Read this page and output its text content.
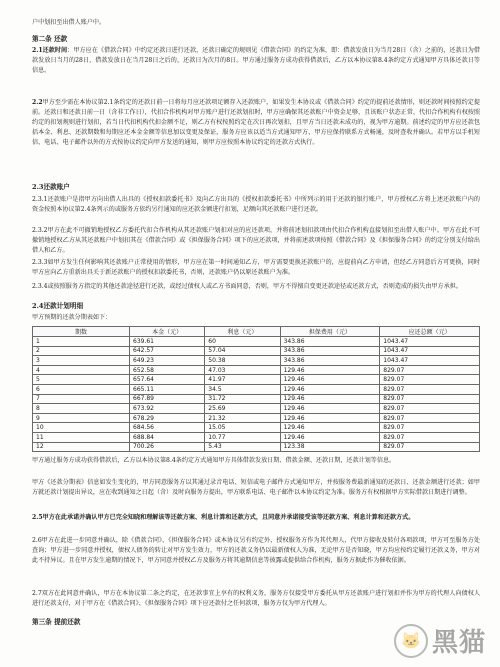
户中划扣至出借人账户中。
第二条 还款
2.1还款时间：甲方应在《借款合同》中约定还款日进行还款，还款日确定的规则见《借款合同》的约定为准，即：借款发放日为当月28日（含）之前的，还款日为借款发放日当月的28日，借款发放日在当月28日之后的，还款日为次月的8日。甲方通过服务方成功获得借款后，乙方以本协议第8.4条约定方式通知甲方具体还款日等信息。
2.2甲方至少需在本协议第2.1条约定的还款日前一日将每月应还款项足额存入还款账户，如果发生本协议或《借款合同》约定的提前还款情形，则还款时间按照约定提前。还款日和还款日前一日（含非工作日），代扣合作机构对甲方账户进行还款划扣时，甲方应确保其还款账户中资金足够，且该账户状态正常，代扣合作机构有权按照约定的扣划规则进行划扣，若当日代扣机构代扣金额不足，则乙方有权按照约定在次日再次划扣，且甲方当日还款未成功的，视为甲方逾期。前述约定的甲方应还款包括本金、利息、还款期数和每期应还本金金额等信息加以变更及保证，服务方应该以适当方式通知甲方，甲方应保持联系方式畅通，及时查收并确认。若甲方以手机短信、电话、电子邮件以外的方式按协议约定向甲方发送的通知，则甲方应按照本协议约定的还款方式执行。
2.3还款账户
2.3.1还款账户是指甲方向出借人出具的《授权扣款委托书》及向乙方出具的《授权扣款委托书》中所列示的用于还款的银行账户，甲方授权乙方将上述还款账户内的资金按照本协议第2.4条列示的或服务方依约另行通知的应还款金额进行扣划，足额向其还款账户进行还款。
2.3.2甲方在此不可撤销地授权乙方委托代扣合作机构从其还款账户划扣对应的应还款项，并将前述划扣款项由代扣合作机构直接划扣至出借人账户中。甲方在此不可撤销地授权乙方从其还款账户中划扣其在《借款合同》或《担保服务合同》项下的应还款项，并将前述款项按照《借款合同》及《担保服务合同》的约定分别支付给出借人和乙方。
2.3.3如甲方发生任何影响其还款账户正常使用的情形，甲方应在第一时间通知乙方，甲方需要更换还款账户的，应提前向乙方申请，但经乙方同意后方可更换，同时甲方应向乙方重新出具关于新还款账户的授权扣款委托书，否则，还款账户仍以原还款账户为准。
2.3.4或按照服务方指定的其他还款途径进行还款，或经过债权人或乙方书面同意，否则，甲方不得擅自变更还款途径或还款方式，否则造成的损失由甲方承担。
2.4还款计划明细
甲方预期的还款分期表如下：
期数	本金（元）	利息（元）	担保费用（元）	应还总额（元）
1	639.61	60	343.86	1043.47
2	642.57	57.04	343.86	1043.47
3	649.23	50.38	343.86	1043.47
4	652.58	47.03	129.46	829.07
5	657.64	41.97	129.46	829.07
6	665.11	34.5	129.46	829.07
7	667.89	31.72	129.46	829.07
8	673.92	25.69	129.46	829.07
9	678.29	21.32	129.46	829.07
10	684.56	15.05	129.46	829.07
11	688.84	10.77	129.46	829.07
12	700.26	5.43	123.38	829.07
甲方通过服务方成功获得借款后，乙方以本协议第8.4条约定方式通知甲方具体借款发放日期、借款金额、还款日期，还款计划等信息。
甲方《还款分期表》信息如发生变化的，甲方同意服务方以其通过录音电话、短信或电子邮件方式通知甲方，并按服务费最新通知的还款日、还款金额进行还款；如甲方就还款计划提出异议，应在收到通知之日起（含）及时向服务方提出，甲方联系电话、电子邮件以本协议约定为准。服务方有权根据甲方实际借款日期进行调整。
2.5甲方在此承诺并确认甲方已完全知晓和理解该等还款方案、利息计算和还款方式，且同意并承诺接受该等还款方案、利息计算和还款方式。
2.6甲方在此进一步同意并确认，除《借款合同》、《担保服务合同》或本协议另有约定外，授权服务方作为其代理人，代甲方接收及转付各项款项，甲方可至服务方处查询；甲方进一步同意并授权，债权人债务的转让对甲方发生效力，甲方的还款义务仍以最新债权人为准，无论甲方是否知晓，甲方均应按约定履行还款义务，甲方对此不持异议。且在甲方发生逾期的情况下，甲方同意并授权乙方及服务方将其逾期信息等披露或提供给合作机构，服务方据此作为催收依据。
2.7双方在此同意并确认，甲方在本协议第二条之约定，在还款事宜上享有的权利义务，服务方仅接受甲方委托从甲方还款账户进行划扣并作为甲方的代理人向债权人进行还款支付，对于甲方在《借款合同》、《担保服务合同》项下应还款付之任何款项，服务方仅为甲方代理人。
第三条 提前还款
🐱 黑猫
